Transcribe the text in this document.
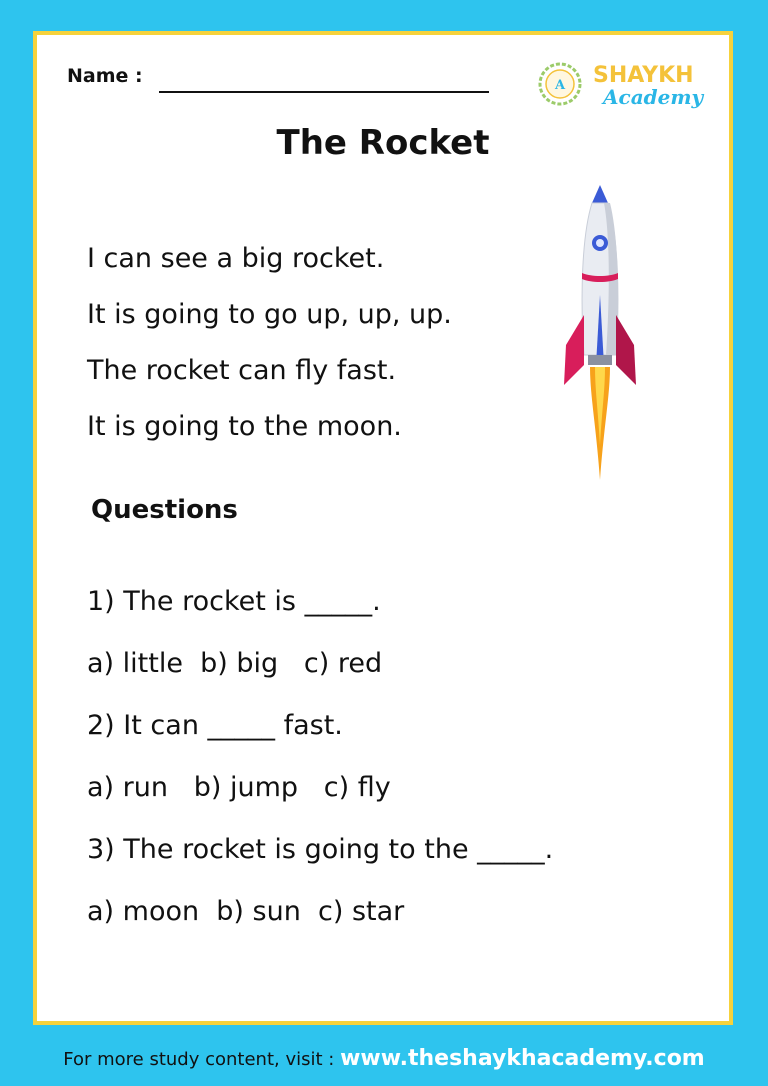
Name :	A SHAYKH
Academy
The Rocket
I can see a big rocket.
It is going to go up, up, up.
The rocket can fly fast.
It is going to the moon.
Questions
1) The rocket is _____.
a) little  b) big   c) red
2) It can _____ fast.
a) run   b) jump   c) fly
3) The rocket is going to the _____.
a) moon  b) sun  c) star
For more study content, visit : www.theshaykhacademy.com
